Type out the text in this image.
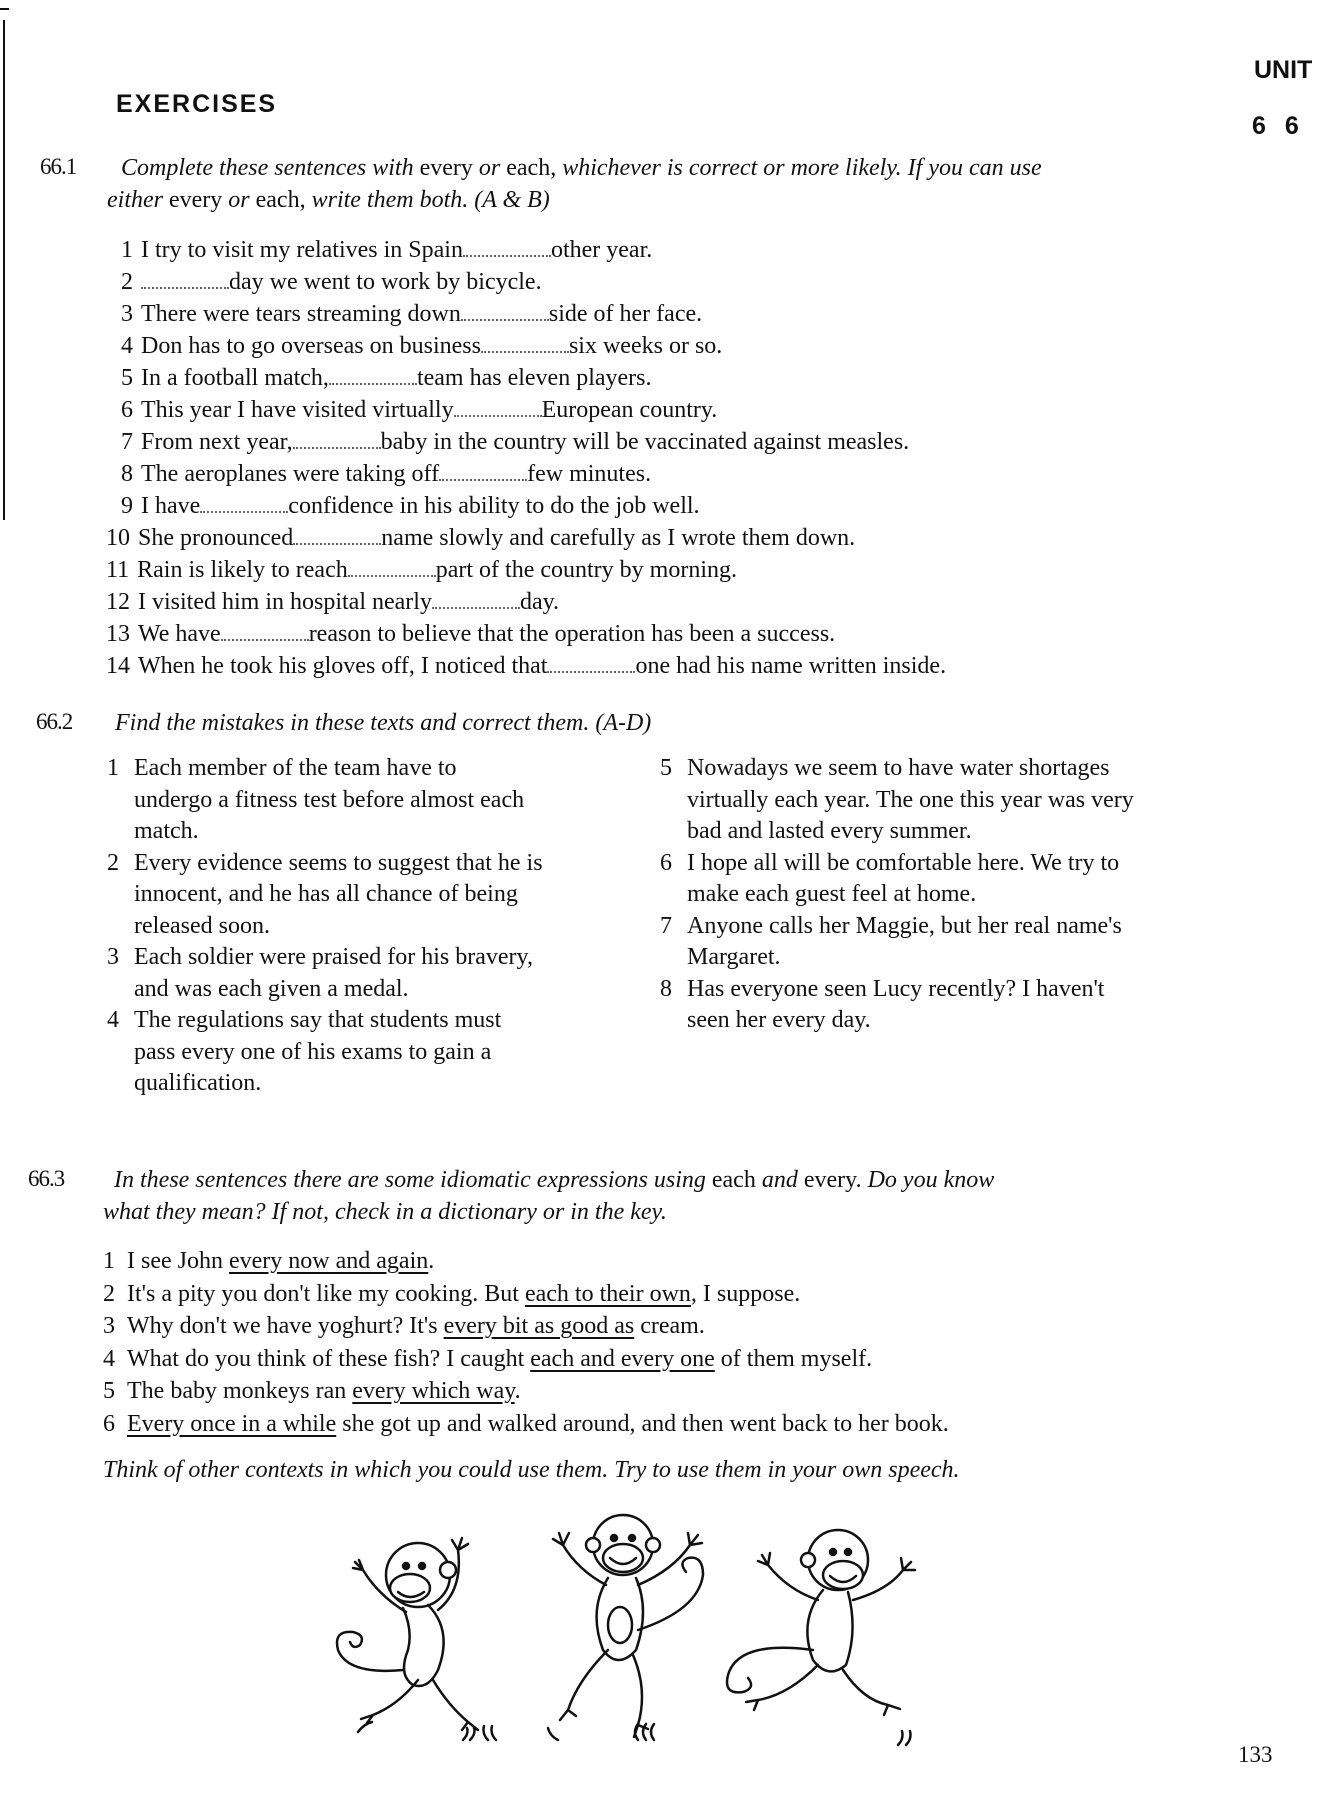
UNIT
6 6
EXERCISES
66.1 Complete these sentences with every or each, whichever is correct or more likely. If you can use
either every or each, write them both. (A & B)
1 I try to visit my relatives in Spain	other year.
2	day we went to work by bicycle.
3 There were tears streaming down	side of her face.
4 Don has to go overseas on business	six weeks or so.
5 In a football match,	team has eleven players.
6 This year I have visited virtually	European country.
7 From next year,	baby in the country will be vaccinated against measles.
8 The aeroplanes were taking off	few minutes.
9 I have	confidence in his ability to do the job well.
10 She pronounced	name slowly and carefully as I wrote them down.
11 Rain is likely to reach	part of the country by morning.
12 I visited him in hospital nearly	day.
13 We have	reason to believe that the operation has been a success.
14 When he took his gloves off, I noticed that	one had his name written inside.
66.2 Find the mistakes in these texts and correct them. (A-D)
1 Each member of the team have to
undergo a fitness test before almost each
match.
2 Every evidence seems to suggest that he is
innocent, and he has all chance of being
released soon.
3 Each soldier were praised for his bravery,
and was each given a medal.
4 The regulations say that students must
pass every one of his exams to gain a
qualification.
5 Nowadays we seem to have water shortages
virtually each year. The one this year was very
bad and lasted every summer.
6 I hope all will be comfortable here. We try to
make each guest feel at home.
7 Anyone calls her Maggie, but her real name's
Margaret.
8 Has everyone seen Lucy recently? I haven't
seen her every day.
66.3 In these sentences there are some idiomatic expressions using each and every. Do you know
what they mean? If not, check in a dictionary or in the key.
1 I see John every now and again.
2 It's a pity you don't like my cooking. But each to their own, I suppose.
3 Why don't we have yoghurt? It's every bit as good as cream.
4 What do you think of these fish? I caught each and every one of them myself.
5 The baby monkeys ran every which way.
6 Every once in a while she got up and walked around, and then went back to her book.
Think of other contexts in which you could use them. Try to use them in your own speech.
133
